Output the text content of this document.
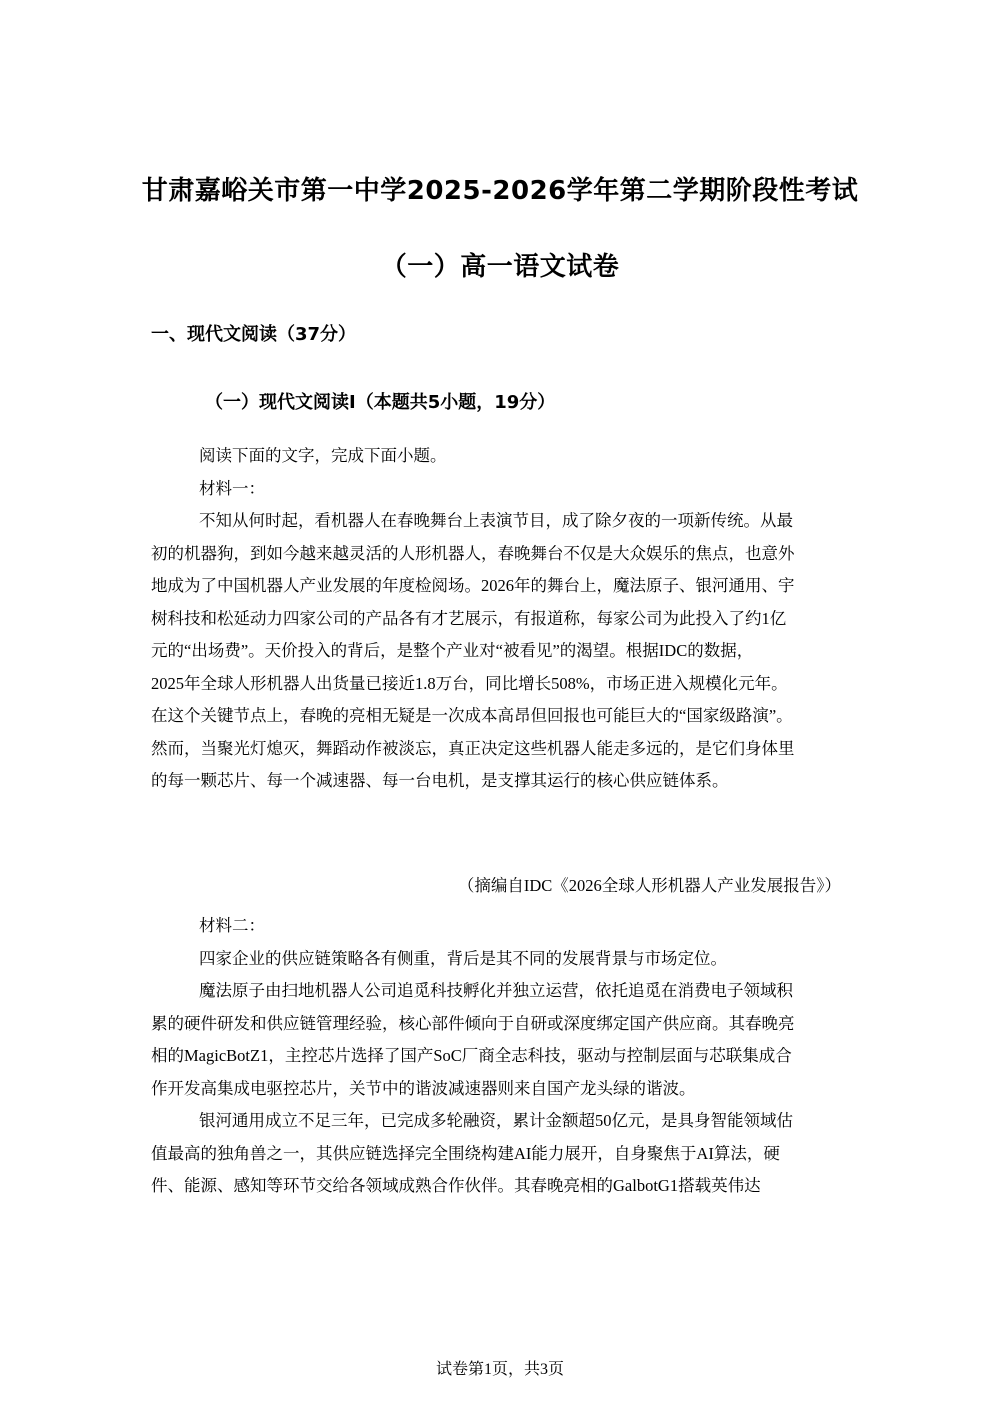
甘肃嘉峪关市第一中学2025-2026学年第二学期阶段性考试
（一）高一语文试卷
一、现代文阅读（37分）
（一）现代文阅读Ⅰ（本题共5小题，19分）
阅读下面的文字，完成下面小题。
材料一：
不知从何时起，看机器人在春晚舞台上表演节目，成了除夕夜的一项新传统。从最
初的机器狗，到如今越来越灵活的人形机器人，春晚舞台不仅是大众娱乐的焦点，也意外
地成为了中国机器人产业发展的年度检阅场。2026年的舞台上，魔法原子、银河通用、宇
树科技和松延动力四家公司的产品各有才艺展示，有报道称，每家公司为此投入了约1亿
元的“出场费”。天价投入的背后，是整个产业对“被看见”的渴望。根据IDC的数据，
2025年全球人形机器人出货量已接近1.8万台，同比增长508%，市场正进入规模化元年。
在这个关键节点上，春晚的亮相无疑是一次成本高昂但回报也可能巨大的“国家级路演”。
然而，当聚光灯熄灭，舞蹈动作被淡忘，真正决定这些机器人能走多远的，是它们身体里
的每一颗芯片、每一个减速器、每一台电机，是支撑其运行的核心供应链体系。
（摘编自IDC《2026全球人形机器人产业发展报告》）
材料二：
四家企业的供应链策略各有侧重，背后是其不同的发展背景与市场定位。
魔法原子由扫地机器人公司追觅科技孵化并独立运营，依托追觅在消费电子领域积
累的硬件研发和供应链管理经验，核心部件倾向于自研或深度绑定国产供应商。其春晚亮
相的MagicBotZ1，主控芯片选择了国产SoC厂商全志科技，驱动与控制层面与芯联集成合
作开发高集成电驱控芯片，关节中的谐波减速器则来自国产龙头绿的谐波。
银河通用成立不足三年，已完成多轮融资，累计金额超50亿元，是具身智能领域估
值最高的独角兽之一，其供应链选择完全围绕构建AI能力展开，自身聚焦于AI算法，硬
件、能源、感知等环节交给各领域成熟合作伙伴。其春晚亮相的GalbotG1搭载英伟达
试卷第1页，共3页
